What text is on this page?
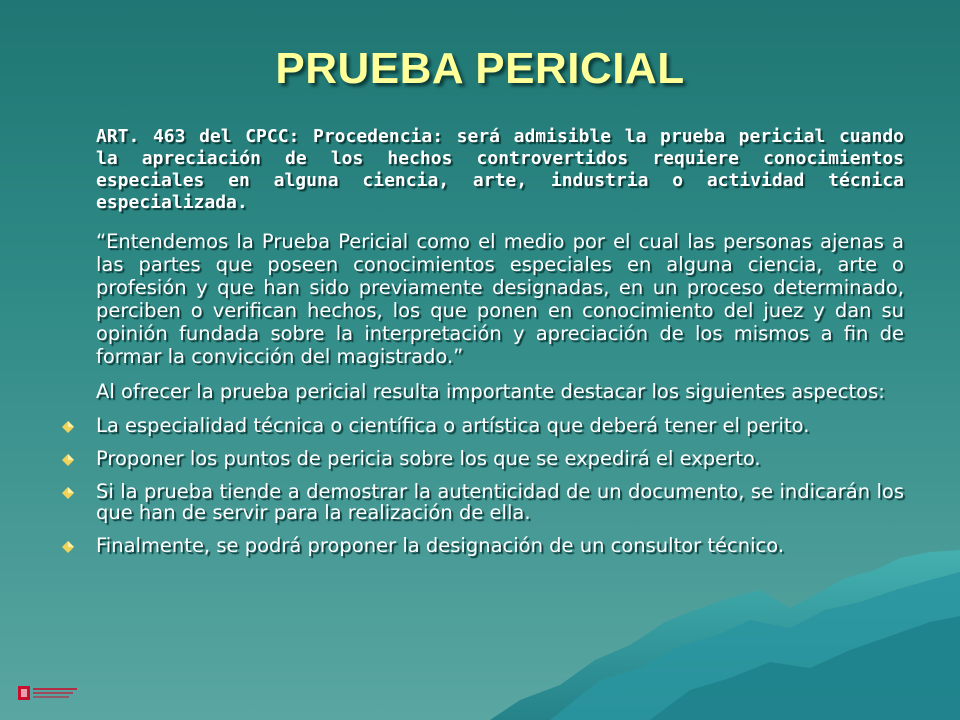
PRUEBA PERICIAL

ART. 463 del CPCC: Procedencia: será admisible la prueba pericial cuando la apreciación de los hechos controvertidos requiere conocimientos especiales en alguna ciencia, arte, industria o actividad técnica especializada.

“Entendemos la Prueba Pericial como el medio por el cual las personas ajenas a las partes que poseen conocimientos especiales en alguna ciencia, arte o profesión y que han sido previamente designadas, en un proceso determinado, perciben o verifican hechos, los que ponen en conocimiento del juez y dan su opinión fundada sobre la interpretación y apreciación de los mismos a fin de formar la convicción del magistrado.”

Al ofrecer la prueba pericial resulta importante destacar los siguientes aspectos:

La especialidad técnica o científica o artística que deberá tener el perito.
Proponer los puntos de pericia sobre los que se expedirá el experto.
Si la prueba tiende a demostrar la autenticidad de un documento, se indicarán los que han de servir para la realización de ella.
Finalmente, se podrá proponer la designación de un consultor técnico.
